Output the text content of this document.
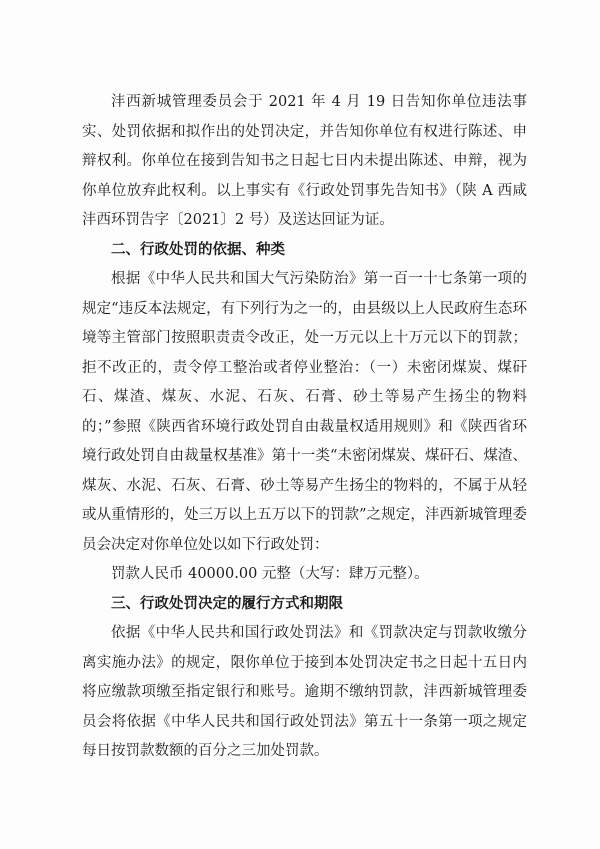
沣西新城管理委员会于 2021 年 4 月 19 日告知你单位违法事实、处罚依据和拟作出的处罚决定，并告知你单位有权进行陈述、申辩权利。你单位在接到告知书之日起七日内未提出陈述、申辩，视为你单位放弃此权利。以上事实有《行政处罚事先告知书》（陕 A 西咸沣西环罚告字〔2021〕2 号）及送达回证为证。

二、行政处罚的依据、种类

根据《中华人民共和国大气污染防治》第一百一十七条第一项的规定“违反本法规定，有下列行为之一的，由县级以上人民政府生态环境等主管部门按照职责责令改正，处一万元以上十万元以下的罚款；拒不改正的，责令停工整治或者停业整治：（一）未密闭煤炭、煤矸石、煤渣、煤灰、水泥、石灰、石膏、砂土等易产生扬尘的物料的；”参照《陕西省环境行政处罚自由裁量权适用规则》和《陕西省环境行政处罚自由裁量权基准》第十一类“未密闭煤炭、煤矸石、煤渣、煤灰、水泥、石灰、石膏、砂土等易产生扬尘的物料的，不属于从轻或从重情形的，处三万以上五万以下的罚款”之规定，沣西新城管理委员会决定对你单位处以如下行政处罚：

罚款人民币 40000.00 元整（大写：肆万元整）。

三、行政处罚决定的履行方式和期限

依据《中华人民共和国行政处罚法》和《罚款决定与罚款收缴分离实施办法》的规定，限你单位于接到本处罚决定书之日起十五日内将应缴款项缴至指定银行和账号。逾期不缴纳罚款，沣西新城管理委员会将依据《中华人民共和国行政处罚法》第五十一条第一项之规定每日按罚款数额的百分之三加处罚款。
